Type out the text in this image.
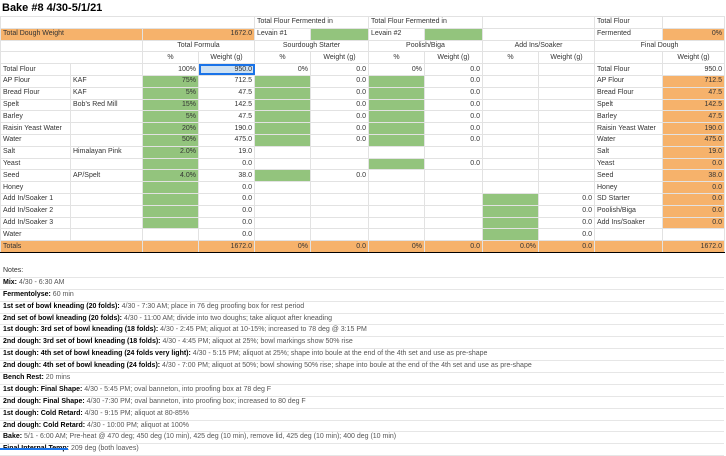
Bake #8 4/30-5/1/21
				Total Flour Fermented in		Total Flour Fermented in				Total Flour	
Total Dough Weight		1672.0		Levain #1		Levain #2				Fermented	0%
		Total Formula		Sourdough Starter		Poolish/Biga		Add Ins/Soaker		Final Dough	
		%	Weight (g)	%	Weight (g)	%	Weight (g)	%	Weight (g)		Weight (g)
Total Flour		100%	950.0	0%	0.0	0%	0.0			Total Flour	950.0
AP Flour	KAF	75%	712.5		0.0		0.0			AP Flour	712.5
Bread Flour	KAF	5%	47.5		0.0		0.0			Bread Flour	47.5
Spelt	Bob's Red Mill	15%	142.5		0.0		0.0			Spelt	142.5
Barley		5%	47.5		0.0		0.0			Barley	47.5
Raisin Yeast Water		20%	190.0		0.0		0.0			Raisin Yeast Water	190.0
Water		50%	475.0		0.0		0.0			Water	475.0
Salt	Himalayan Pink	2.0%	19.0							Salt	19.0
Yeast			0.0				0.0			Yeast	0.0
Seed	AP/Spelt	4.0%	38.0		0.0					Seed	38.0
Honey			0.0							Honey	0.0
Add In/Soaker 1			0.0						0.0	SD Starter	0.0
Add In/Soaker 2			0.0						0.0	Poolish/Biga	0.0
Add In/Soaker 3			0.0						0.0	Add Ins/Soaker	0.0
Water			0.0						0.0		
Totals			1672.0	0%	0.0	0%	0.0	0.0%	0.0		1672.0
Notes:
Mix: 4/30 - 6:30 AM
Fermentolyse: 60 min
1st set of bowl kneading (20 folds): 4/30 - 7:30 AM; place in 76 deg proofing box for rest period
2nd set of bowl kneading (20 folds): 4/30 - 11:00 AM; divide into two doughs; take aliquot after kneading
1st dough: 3rd set of bowl kneading (18 folds): 4/30 - 2:45 PM; aliquot at 10-15%; increased to 78 deg @ 3:15 PM
2nd dough: 3rd set of bowl kneading (18 folds): 4/30 - 4:45 PM; aliquot at 25%; bowl markings show 50% rise
1st dough: 4th set of bowl kneading (24 folds very light): 4/30 - 5:15 PM; aliquot at 25%; shape into boule at the end of the 4th set and use as pre-shape
2nd dough: 4th set of bowl kneading (24 folds): 4/30 - 7:00 PM; aliquot at 50%; bowl showing 50% rise; shape into boule at the end of the 4th set and use as pre-shape
Bench Rest: 20 mins
1st dough: Final Shape: 4/30 - 5:45 PM; oval banneton, into proofing box at 78 deg F
2nd dough: Final Shape: 4/30 -7:30 PM; oval banneton, into proofing box; increased to 80 deg F
1st dough: Cold Retard: 4/30 - 9:15 PM; aliquot at 80-85%
2nd dough: Cold Retard: 4/30 - 10:00 PM; aliquot at 100%
Bake: 5/1 - 6:00 AM; Pre-heat @ 470 deg; 450 deg (10 min), 425 deg (10 min), remove lid, 425 deg (10 min); 400 deg (10 min)
Final Internal Temp: 209 deg (both loaves)
